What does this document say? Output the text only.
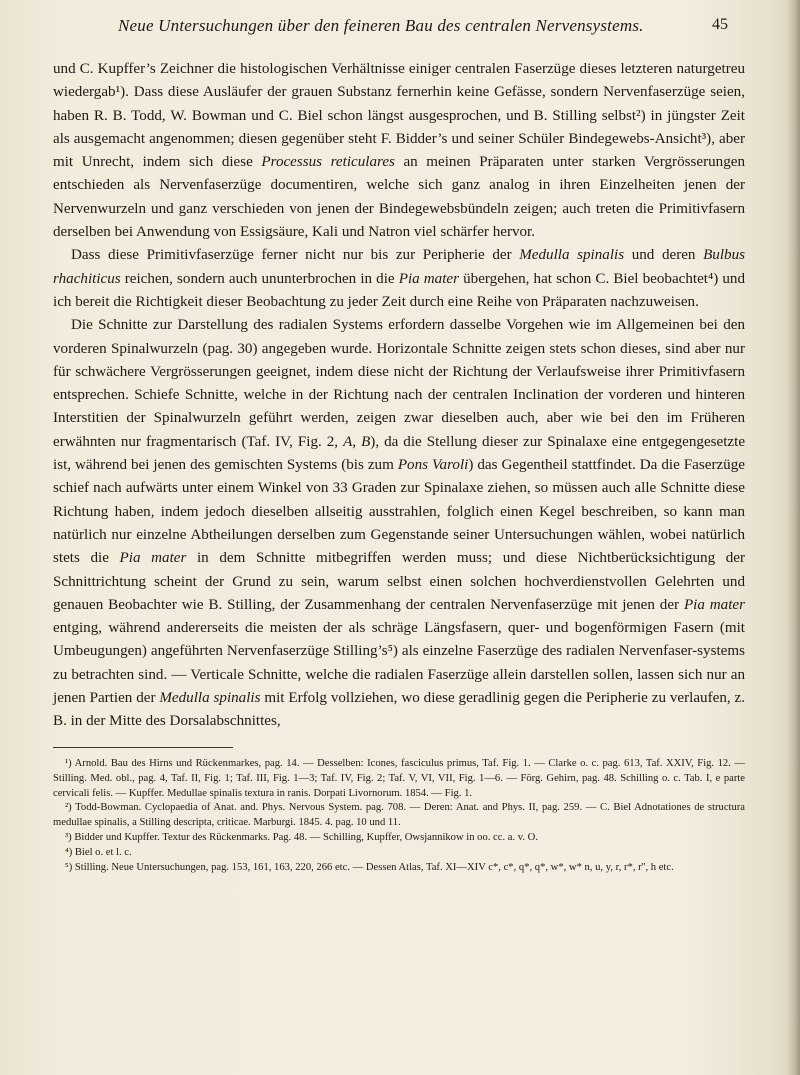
Neue Untersuchungen über den feineren Bau des centralen Nervensystems.	45

und C. Kupffer’s Zeichner die histologischen Verhältnisse einiger centralen Faserzüge dieses letzteren naturgetreu wiedergab¹). Dass diese Ausläufer der grauen Substanz fernerhin keine Gefässe, sondern Nervenfaserzüge seien, haben R. B. Todd, W. Bowman und C. Biel schon längst ausgesprochen, und B. Stilling selbst²) in jüngster Zeit als ausgemacht angenommen; diesen gegenüber steht F. Bidder’s und seiner Schüler Bindegewebs-Ansicht³), aber mit Unrecht, indem sich diese Processus reticulares an meinen Präparaten unter starken Vergrösserungen entschieden als Nervenfaserzüge documentiren, welche sich ganz analog in ihren Einzelheiten jenen der Nervenwurzeln und ganz verschieden von jenen der Bindegewebsbündeln zeigen; auch treten die Primitivfasern derselben bei Anwendung von Essigsäure, Kali und Natron viel schärfer hervor.

Dass diese Primitivfaserzüge ferner nicht nur bis zur Peripherie der Medulla spinalis und deren Bulbus rhachiticus reichen, sondern auch ununterbrochen in die Pia mater übergehen, hat schon C. Biel beobachtet⁴) und ich bereit die Richtigkeit dieser Beobachtung zu jeder Zeit durch eine Reihe von Präparaten nachzuweisen.

Die Schnitte zur Darstellung des radialen Systems erfordern dasselbe Vorgehen wie im Allgemeinen bei den vorderen Spinalwurzeln (pag. 30) angegeben wurde. Horizontale Schnitte zeigen stets schon dieses, sind aber nur für schwächere Vergrösserungen geeignet, indem diese nicht der Richtung der Verlaufsweise ihrer Primitivfasern entsprechen. Schiefe Schnitte, welche in der Richtung nach der centralen Inclination der vorderen und hinteren Interstitien der Spinalwurzeln geführt werden, zeigen zwar dieselben auch, aber wie bei den im Früheren erwähnten nur fragmentarisch (Taf. IV, Fig. 2, A, B), da die Stellung dieser zur Spinalaxe eine entgegengesetzte ist, während bei jenen des gemischten Systems (bis zum Pons Varoli) das Gegentheil stattfindet. Da die Faserzüge schief nach aufwärts unter einem Winkel von 33 Graden zur Spinalaxe ziehen, so müssen auch alle Schnitte diese Richtung haben, indem jedoch dieselben allseitig ausstrahlen, folglich einen Kegel beschreiben, so kann man natürlich nur einzelne Abtheilungen derselben zum Gegenstande seiner Untersuchungen wählen, wobei natürlich stets die Pia mater in dem Schnitte mitbegriffen werden muss; und diese Nichtberücksichtigung der Schnittrichtung scheint der Grund zu sein, warum selbst einen solchen hochverdienstvollen Gelehrten und genauen Beobachter wie B. Stilling, der Zusammenhang der centralen Nervenfaserzüge mit jenen der Pia mater entging, während andererseits die meisten der als schräge Längsfasern, quer- und bogenförmigen Fasern (mit Umbeugungen) angeführten Nervenfaserzüge Stilling’s⁵) als einzelne Faserzüge des radialen Nervenfaser-systems zu betrachten sind. — Verticale Schnitte, welche die radialen Faserzüge allein darstellen sollen, lassen sich nur an jenen Partien der Medulla spinalis mit Erfolg vollziehen, wo diese geradlinig gegen die Peripherie zu verlaufen, z. B. in der Mitte des Dorsalabschnittes,

¹) Arnold. Bau des Hirns und Rückenmarkes, pag. 14. — Desselben: Icones, fasciculus primus, Taf. Fig. 1. — Clarke o. c. pag. 613, Taf. XXIV, Fig. 12. — Stilling. Med. obl., pag. 4, Taf. II, Fig. 1; Taf. III, Fig. 1—3; Taf. IV, Fig. 2; Taf. V, VI, VII, Fig. 1—6. — Förg. Gehirn, pag. 48. Schilling o. c. Tab. I, e parte cervicali felis. — Kupffer. Medullae spinalis textura in ranis. Dorpati Livornorum. 1854. — Fig. 1.

²) Todd-Bowman. Cyclopaedia of Anat. and. Phys. Nervous System. pag. 708. — Deren: Anat. and Phys. II, pag. 259. — C. Biel Adnotationes de structura medullae spinalis, a Stilling descripta, criticae. Marburgi. 1845. 4. pag. 10 und 11.

³) Bidder und Kupffer. Textur des Rückenmarks. Pag. 48. — Schilling, Kupffer, Owsjannikow in oo. cc. a. v. O.

⁴) Biel o. et l. c.

⁵) Stilling. Neue Untersuchungen, pag. 153, 161, 163, 220, 266 etc. — Dessen Atlas, Taf. XI—XIV c*, c*, q*, q*, w*, w* n, u, y, r, r*, r'', h etc.
